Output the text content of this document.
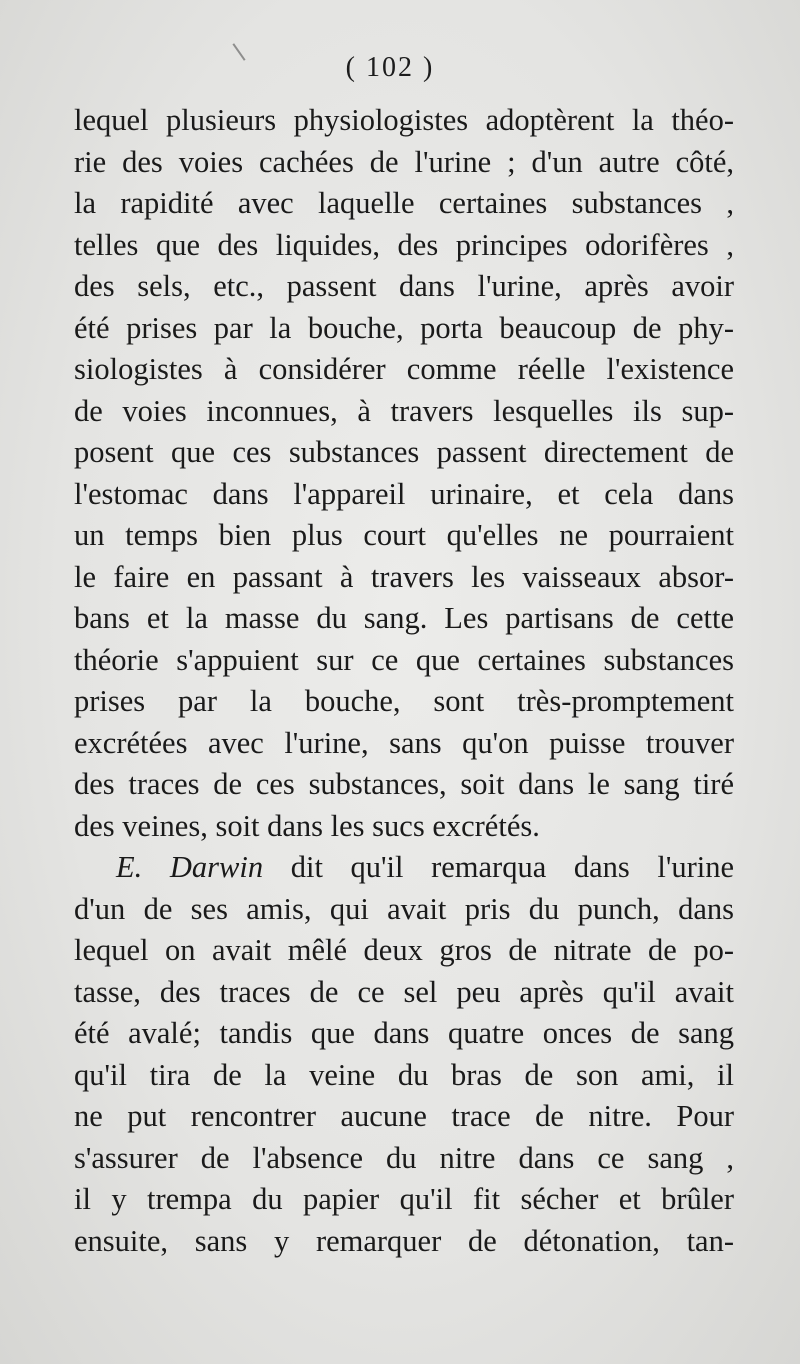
( 102 )
lequel plusieurs physiologistes adoptèrent la théo-
rie des voies cachées de l'urine ; d'un autre côté,
la rapidité avec laquelle certaines substances ,
telles que des liquides, des principes odorifères ,
des sels, etc., passent dans l'urine, après avoir
été prises par la bouche, porta beaucoup de phy-
siologistes à considérer comme réelle l'existence
de voies inconnues, à travers lesquelles ils sup-
posent que ces substances passent directement de
l'estomac dans l'appareil urinaire, et cela dans
un temps bien plus court qu'elles ne pourraient
le faire en passant à travers les vaisseaux absor-
bans et la masse du sang. Les partisans de cette
théorie s'appuient sur ce que certaines substances
prises par la bouche, sont très-promptement
excrétées avec l'urine, sans qu'on puisse trouver
des traces de ces substances, soit dans le sang tiré
des veines, soit dans les sucs excrétés.
E. Darwin dit qu'il remarqua dans l'urine
d'un de ses amis, qui avait pris du punch, dans
lequel on avait mêlé deux gros de nitrate de po-
tasse, des traces de ce sel peu après qu'il avait
été avalé; tandis que dans quatre onces de sang
qu'il tira de la veine du bras de son ami, il
ne put rencontrer aucune trace de nitre. Pour
s'assurer de l'absence du nitre dans ce sang ,
il y trempa du papier qu'il fit sécher et brûler
ensuite, sans y remarquer de détonation, tan-
